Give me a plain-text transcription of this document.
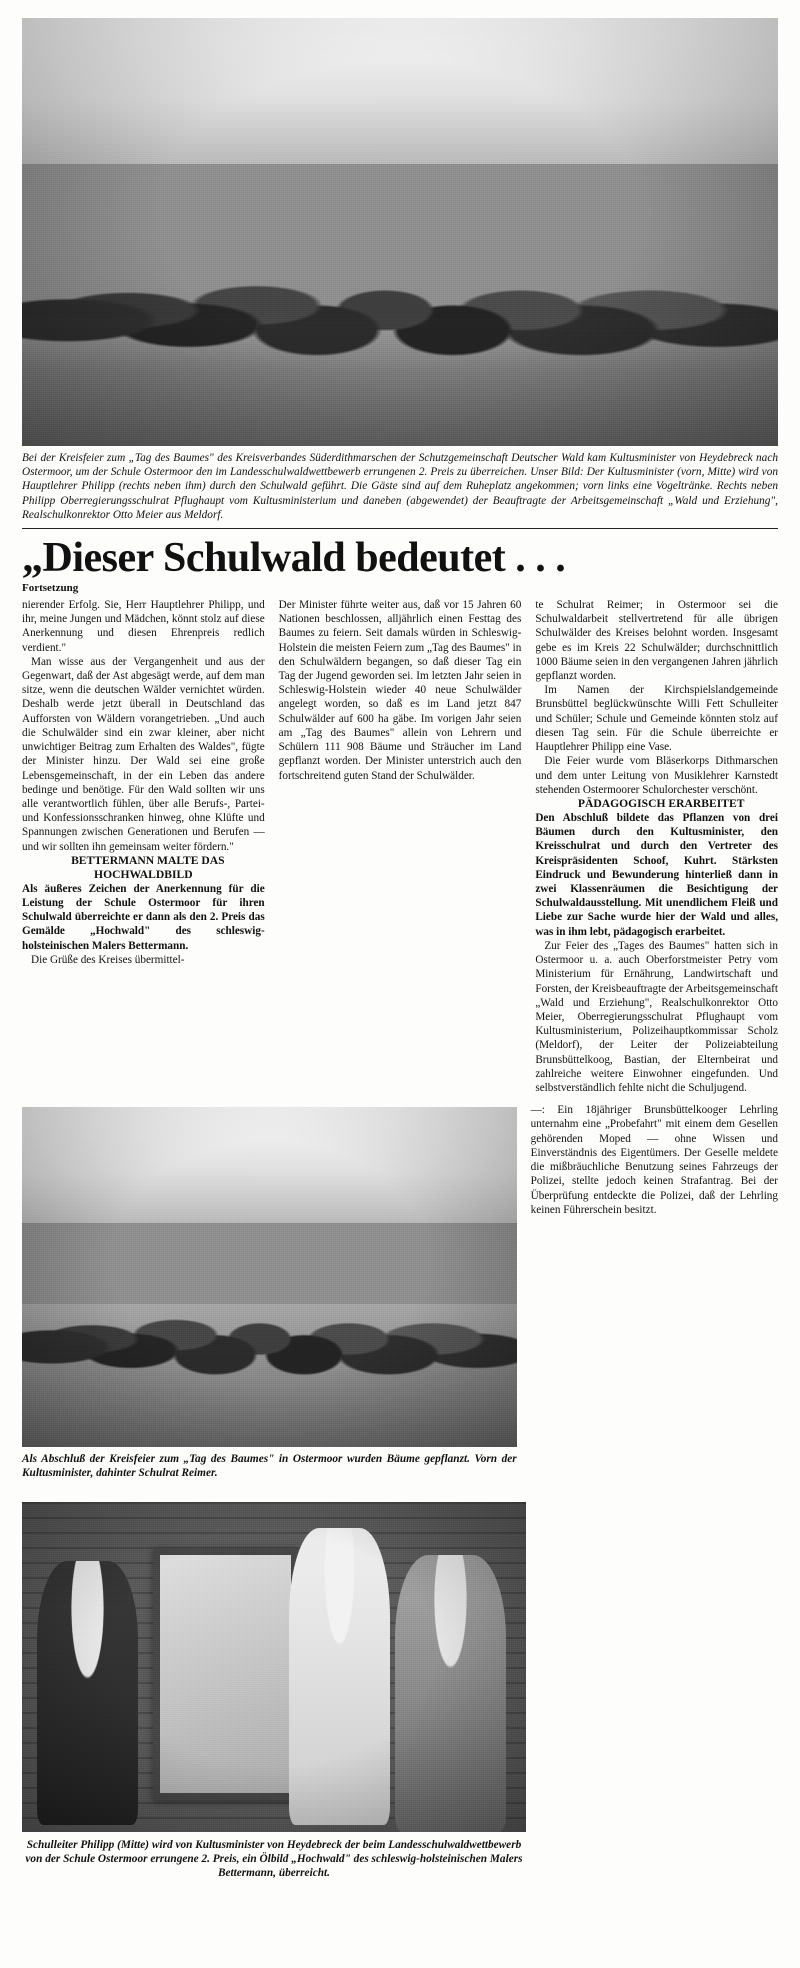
Bei der Kreisfeier zum „Tag des Baumes" des Kreisverbandes Süderdithmarschen der Schutzgemeinschaft Deutscher Wald kam Kultusminister von Heydebreck nach Ostermoor, um der Schule Ostermoor den im Landesschulwaldwettbewerb errungenen 2. Preis zu überreichen. Unser Bild: Der Kultusminister (vorn, Mitte) wird von Hauptlehrer Philipp (rechts neben ihm) durch den Schulwald geführt. Die Gäste sind auf dem Ruheplatz angekommen; vorn links eine Vogeltränke. Rechts neben Philipp Oberregierungsschulrat Pflughaupt vom Kultusministerium und daneben (abgewendet) der Beauftragte der Arbeitsgemeinschaft „Wald und Erziehung", Realschulkonrektor Otto Meier aus Meldorf.

„Dieser Schulwald bedeutet . . .
Fortsetzung

nierender Erfolg. Sie, Herr Hauptlehrer Philipp, und ihr, meine Jungen und Mädchen, könnt stolz auf diese Anerkennung und diesen Ehrenpreis redlich verdient."

Man wisse aus der Vergangenheit und aus der Gegenwart, daß der Ast abgesägt werde, auf dem man sitze, wenn die deutschen Wälder vernichtet würden. Deshalb werde jetzt überall in Deutschland das Aufforsten von Wäldern vorangetrieben. „Und auch die Schulwälder sind ein zwar kleiner, aber nicht unwichtiger Beitrag zum Erhalten des Waldes", fügte der Minister hinzu. Der Wald sei eine große Lebensgemeinschaft, in der ein Leben das andere bedinge und benötige. Für den Wald sollten wir uns alle verantwortlich fühlen, über alle Berufs-, Partei- und Konfessionsschranken hinweg, ohne Klüfte und Spannungen zwischen Generationen und Berufen — und wir sollten ihn gemeinsam weiter fördern."

BETTERMANN MALTE DAS HOCHWALDBILD

Als äußeres Zeichen der Anerkennung für die Leistung der Schule Ostermoor für ihren Schulwald überreichte er dann als den 2. Preis das Gemälde „Hochwald" des schleswig-holsteinischen Malers Bettermann.

Die Grüße des Kreises übermittel-

Der Minister führte weiter aus, daß vor 15 Jahren 60 Nationen beschlossen, alljährlich einen Festtag des Baumes zu feiern. Seit damals würden in Schleswig-Holstein die meisten Feiern zum „Tag des Baumes" in den Schulwäldern begangen, so daß dieser Tag ein Tag der Jugend geworden sei. Im letzten Jahr seien in Schleswig-Holstein wieder 40 neue Schulwälder angelegt worden, so daß es im Land jetzt 847 Schulwälder auf 600 ha gäbe. Im vorigen Jahr seien am „Tag des Baumes" allein von Lehrern und Schülern 111 908 Bäume und Sträucher im Land gepflanzt worden. Der Minister unterstrich auch den fortschreitend guten Stand der Schulwälder.

te Schulrat Reimer; in Ostermoor sei die Schulwaldarbeit stellvertretend für alle übrigen Schulwälder des Kreises belohnt worden. Insgesamt gebe es im Kreis 22 Schulwälder; durchschnittlich 1000 Bäume seien in den vergangenen Jahren jährlich gepflanzt worden.

Im Namen der Kirchspielslandgemeinde Brunsbüttel beglückwünschte Willi Fett Schulleiter und Schüler; Schule und Gemeinde könnten stolz auf diesen Tag sein. Für die Schule überreichte er Hauptlehrer Philipp eine Vase.

Die Feier wurde vom Bläserkorps Dithmarschen und dem unter Leitung von Musiklehrer Karnstedt stehenden Ostermoorer Schulorchester verschönt.

PÄDAGOGISCH ERARBEITET

Den Abschluß bildete das Pflanzen von drei Bäumen durch den Kultusminister, den Kreisschulrat und durch den Vertreter des Kreispräsidenten Schoof, Kuhrt. Stärksten Eindruck und Bewunderung hinterließ dann in zwei Klassenräumen die Besichtigung der Schulwaldausstellung. Mit unendlichem Fleiß und Liebe zur Sache wurde hier der Wald und alles, was in ihm lebt, pädagogisch erarbeitet.

Zur Feier des „Tages des Baumes" hatten sich in Ostermoor u. a. auch Oberforstmeister Petry vom Ministerium für Ernährung, Landwirtschaft und Forsten, der Kreisbeauftragte der Arbeitsgemeinschaft „Wald und Erziehung", Realschulkonrektor Otto Meier, Oberregierungsschulrat Pflughaupt vom Kultusministerium, Polizeihauptkommissar Scholz (Meldorf), der Leiter der Polizeiabteilung Brunsbüttelkoog, Bastian, der Elternbeirat und zahlreiche weitere Einwohner eingefunden. Und selbstverständlich fehlte nicht die Schuljugend.

Als Abschluß der Kreisfeier zum „Tag des Baumes" in Ostermoor wurden Bäume gepflanzt. Vorn der Kultusminister, dahinter Schulrat Reimer.

—: Ein 18jähriger Brunsbüttelkooger Lehrling unternahm eine „Probefahrt" mit einem dem Gesellen gehörenden Moped — ohne Wissen und Einverständnis des Eigentümers. Der Geselle meldete die mißbräuchliche Benutzung seines Fahrzeugs der Polizei, stellte jedoch keinen Strafantrag. Bei der Überprüfung entdeckte die Polizei, daß der Lehrling keinen Führerschein besitzt.

Schulleiter Philipp (Mitte) wird von Kultusminister von Heydebreck der beim Landesschulwaldwettbewerb von der Schule Ostermoor errungene 2. Preis, ein Ölbild „Hochwald" des schleswig-holsteinischen Malers Bettermann, überreicht.
